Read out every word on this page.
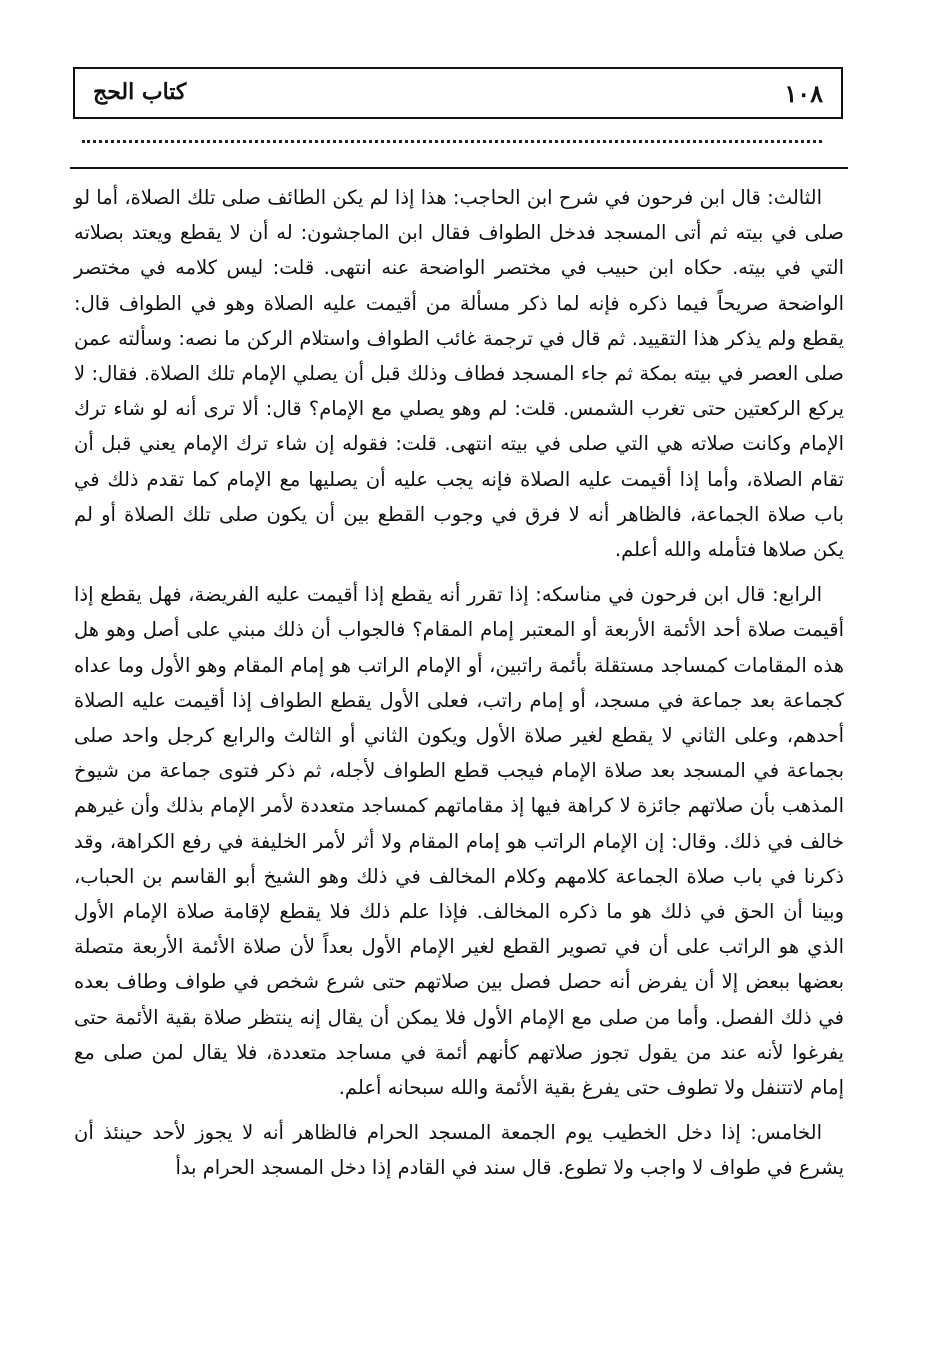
١٠٨
كتاب الحج

الثالث: قال ابن فرحون في شرح ابن الحاجب: هذا إذا لم يكن الطائف صلى تلك الصلاة، أما لو صلى في بيته ثم أتى المسجد فدخل الطواف فقال ابن الماجشون: له أن لا يقطع ويعتد بصلاته التي في بيته. حكاه ابن حبيب في مختصر الواضحة عنه انتهى. قلت: ليس كلامه في مختصر الواضحة صريحاً فيما ذكره فإنه لما ذكر مسألة من أقيمت عليه الصلاة وهو في الطواف قال: يقطع ولم يذكر هذا التقييد. ثم قال في ترجمة غائب الطواف واستلام الركن ما نصه: وسألته عمن صلى العصر في بيته بمكة ثم جاء المسجد فطاف وذلك قبل أن يصلي الإمام تلك الصلاة. فقال: لا يركع الركعتين حتى تغرب الشمس. قلت: لم وهو يصلي مع الإمام؟ قال: ألا ترى أنه لو شاء ترك الإمام وكانت صلاته هي التي صلى في بيته انتهى. قلت: فقوله إن شاء ترك الإمام يعني قبل أن تقام الصلاة، وأما إذا أقيمت عليه الصلاة فإنه يجب عليه أن يصليها مع الإمام كما تقدم ذلك في باب صلاة الجماعة، فالظاهر أنه لا فرق في وجوب القطع بين أن يكون صلى تلك الصلاة أو لم يكن صلاها فتأمله والله أعلم.

الرابع: قال ابن فرحون في مناسكه: إذا تقرر أنه يقطع إذا أقيمت عليه الفريضة، فهل يقطع إذا أقيمت صلاة أحد الأئمة الأربعة أو المعتبر إمام المقام؟ فالجواب أن ذلك مبني على أصل وهو هل هذه المقامات كمساجد مستقلة بأئمة راتبين، أو الإمام الراتب هو إمام المقام وهو الأول وما عداه كجماعة بعد جماعة في مسجد، أو إمام راتب، فعلى الأول يقطع الطواف إذا أقيمت عليه الصلاة أحدهم، وعلى الثاني لا يقطع لغير صلاة الأول ويكون الثاني أو الثالث والرابع كرجل واحد صلى بجماعة في المسجد بعد صلاة الإمام فيجب قطع الطواف لأجله، ثم ذكر فتوى جماعة من شيوخ المذهب بأن صلاتهم جائزة لا كراهة فيها إذ مقاماتهم كمساجد متعددة لأمر الإمام بذلك وأن غيرهم خالف في ذلك. وقال: إن الإمام الراتب هو إمام المقام ولا أثر لأمر الخليفة في رفع الكراهة، وقد ذكرنا في باب صلاة الجماعة كلامهم وكلام المخالف في ذلك وهو الشيخ أبو القاسم بن الحباب، وبينا أن الحق في ذلك هو ما ذكره المخالف. فإذا علم ذلك فلا يقطع لإقامة صلاة الإمام الأول الذي هو الراتب على أن في تصوير القطع لغير الإمام الأول بعداً لأن صلاة الأئمة الأربعة متصلة بعضها ببعض إلا أن يفرض أنه حصل فصل بين صلاتهم حتى شرع شخص في طواف وطاف بعده في ذلك الفصل. وأما من صلى مع الإمام الأول فلا يمكن أن يقال إنه ينتظر صلاة بقية الأئمة حتى يفرغوا لأنه عند من يقول تجوز صلاتهم كأنهم أئمة في مساجد متعددة، فلا يقال لمن صلى مع إمام لاتتنفل ولا تطوف حتى يفرغ بقية الأئمة والله سبحانه أعلم.

الخامس: إذا دخل الخطيب يوم الجمعة المسجد الحرام فالظاهر أنه لا يجوز لأحد حينئذ أن يشرع في طواف لا واجب ولا تطوع. قال سند في القادم إذا دخل المسجد الحرام بدأ
